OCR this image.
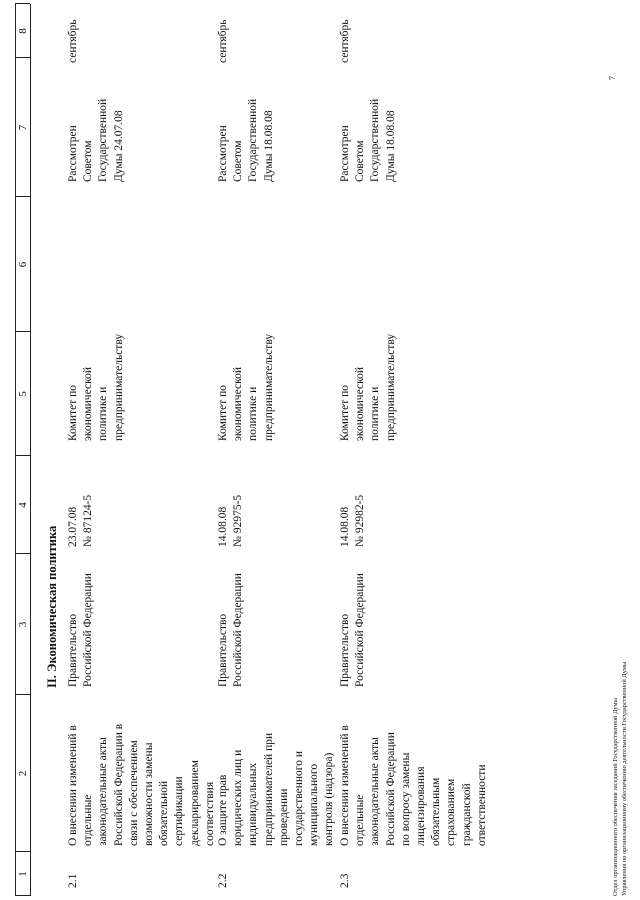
1
2
3
4
5
6
7
8
II. Экономическая политика
2.1
О внесении изменений в
отдельные
законодательные акты
Российской Федерации в
связи с обеспечением
возможности замены
обязательной
сертификации
декларированием
соответствия
Правительство
Российской Федерации
23.07.08
№ 87124-5
Комитет по
экономической
политике и
предпринимательству
Рассмотрен
Советом
Государственной
Думы 24.07.08
сентябрь
2.2
О защите прав
юридических лиц и
индивидуальных
предпринимателей при
проведении
государственного и
муниципального
контроля (надзора)
Правительство
Российской Федерации
14.08.08
№ 92975-5
Комитет по
экономической
политике и
предпринимательству
Рассмотрен
Советом
Государственной
Думы 18.08.08
сентябрь
2.3
О внесении изменений в
отдельные
законодательные акты
Российской Федерации
по вопросу замены
лицензирования
обязательным
страхованием
гражданской
ответственности
Правительство
Российской Федерации
14.08.08
№ 92982-5
Комитет по
экономической
политике и
предпринимательству
Рассмотрен
Советом
Государственной
Думы 18.08.08
сентябрь
Отдел организационного обеспечения заседаний Государственной Думы Управления по организационному обеспечению деятельности Государственной Думы
7
